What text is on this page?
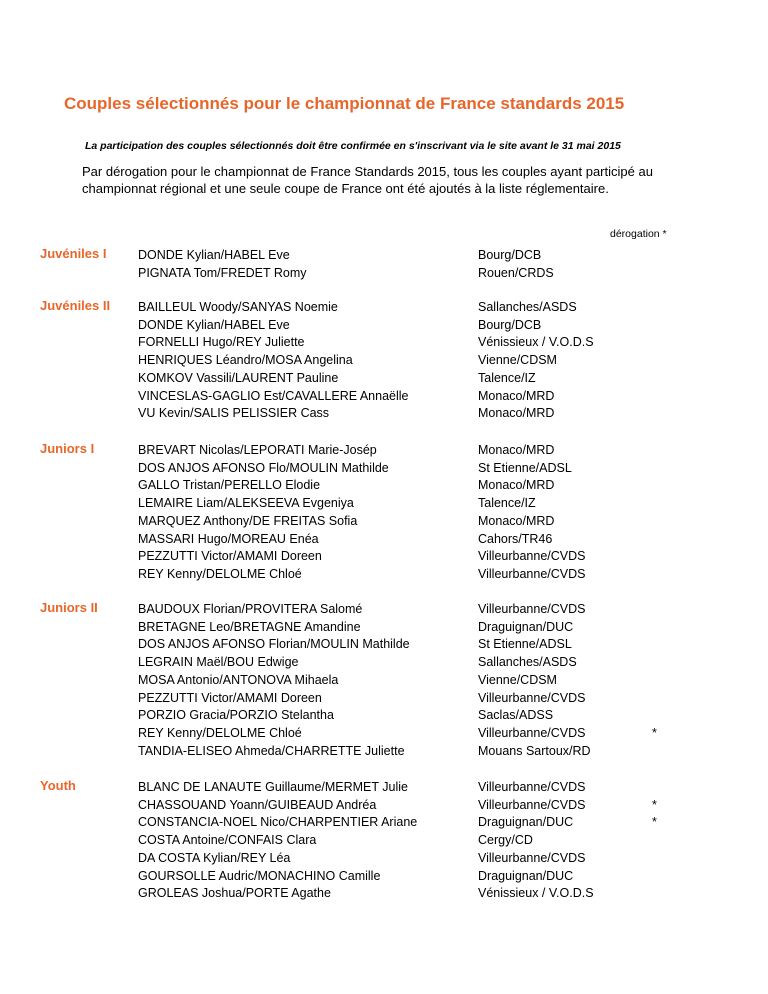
Couples sélectionnés pour le championnat de France standards 2015
La participation des couples sélectionnés doit être confirmée en s'inscrivant via le site avant le 31 mai 2015
Par dérogation pour le championnat de France Standards 2015, tous les couples ayant participé au championnat régional et une seule coupe de France ont été ajoutés à la liste réglementaire.
dérogation *
Juvéniles I	DONDE Kylian/HABEL Eve	Bourg/DCB
PIGNATA Tom/FREDET Romy	Rouen/CRDS
Juvéniles II BAILLEUL Woody/SANYAS Noemie	Sallanches/ASDS
DONDE Kylian/HABEL Eve	Bourg/DCB
FORNELLI Hugo/REY Juliette	Vénissieux / V.O.D.S
HENRIQUES Léandro/MOSA Angelina	Vienne/CDSM
KOMKOV Vassili/LAURENT Pauline	Talence/IZ
VINCESLAS-GAGLIO Est/CAVALLERE Annaëlle	Monaco/MRD
VU Kevin/SALIS PELISSIER Cass	Monaco/MRD
Juniors I	BREVART Nicolas/LEPORATI Marie-Josép	Monaco/MRD
DOS ANJOS AFONSO Flo/MOULIN Mathilde	St Etienne/ADSL
GALLO Tristan/PERELLO Elodie	Monaco/MRD
LEMAIRE Liam/ALEKSEEVA Evgeniya	Talence/IZ
MARQUEZ Anthony/DE FREITAS Sofia	Monaco/MRD
MASSARI Hugo/MOREAU Enéa	Cahors/TR46
PEZZUTTI Victor/AMAMI Doreen	Villeurbanne/CVDS
REY Kenny/DELOLME Chloé	Villeurbanne/CVDS
Juniors II	BAUDOUX Florian/PROVITERA Salomé	Villeurbanne/CVDS
BRETAGNE Leo/BRETAGNE Amandine	Draguignan/DUC
DOS ANJOS AFONSO Florian/MOULIN Mathilde	St Etienne/ADSL
LEGRAIN Maël/BOU Edwige	Sallanches/ASDS
MOSA Antonio/ANTONOVA Mihaela	Vienne/CDSM
PEZZUTTI Victor/AMAMI Doreen	Villeurbanne/CVDS
PORZIO Gracia/PORZIO Stelantha	Saclas/ADSS
REY Kenny/DELOLME Chloé	Villeurbanne/CVDS	*
TANDIA-ELISEO Ahmeda/CHARRETTE Juliette	Mouans Sartoux/RD
Youth	BLANC DE LANAUTE Guillaume/MERMET Julie	Villeurbanne/CVDS
CHASSOUAND Yoann/GUIBEAUD Andréa	Villeurbanne/CVDS	*
CONSTANCIA-NOEL Nico/CHARPENTIER Ariane	Draguignan/DUC	*
COSTA Antoine/CONFAIS Clara	Cergy/CD
DA COSTA Kylian/REY Léa	Villeurbanne/CVDS
GOURSOLLE Audric/MONACHINO Camille	Draguignan/DUC
GROLEAS Joshua/PORTE Agathe	Vénissieux / V.O.D.S
